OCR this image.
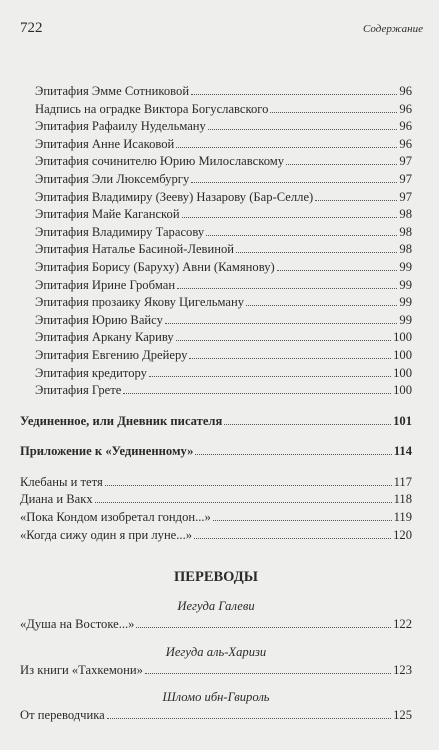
722	Содержание
Эпитафия Эмме Сотниковой	96
Надпись на оградке Виктора Богуславского	96
Эпитафия Рафаилу Нудельману	96
Эпитафия Анне Исаковой	96
Эпитафия сочинителю Юрию Милославскому	97
Эпитафия Эли Люксембургу	97
Эпитафия Владимиру (Зееву) Назарову (Бар-Селле)	97
Эпитафия Майе Каганской	98
Эпитафия Владимиру Тарасову	98
Эпитафия Наталье Басиной-Левиной	98
Эпитафия Борису (Баруху) Авни (Камянову)	99
Эпитафия Ирине Гробман	99
Эпитафия прозаику Якову Цигельману	99
Эпитафия Юрию Вайсу	99
Эпитафия Аркану Кариву	100
Эпитафия Евгению Дрейеру	100
Эпитафия кредитору	100
Эпитафия Грете	100
Уединенное, или Дневник писателя	101
Приложение к «Уединенному»	114
Клебаны и тетя	117
Диана и Вакх	118
«Пока Кондом изобретал гондон...»	119
«Когда сижу один я при луне...»	120
ПЕРЕВОДЫ
Иегуда Галеви
«Душа на Востоке...»	122
Иегуда аль-Харизи
Из книги «Тахкемони»	123
Шломо ибн-Гвироль
От переводчика	125
